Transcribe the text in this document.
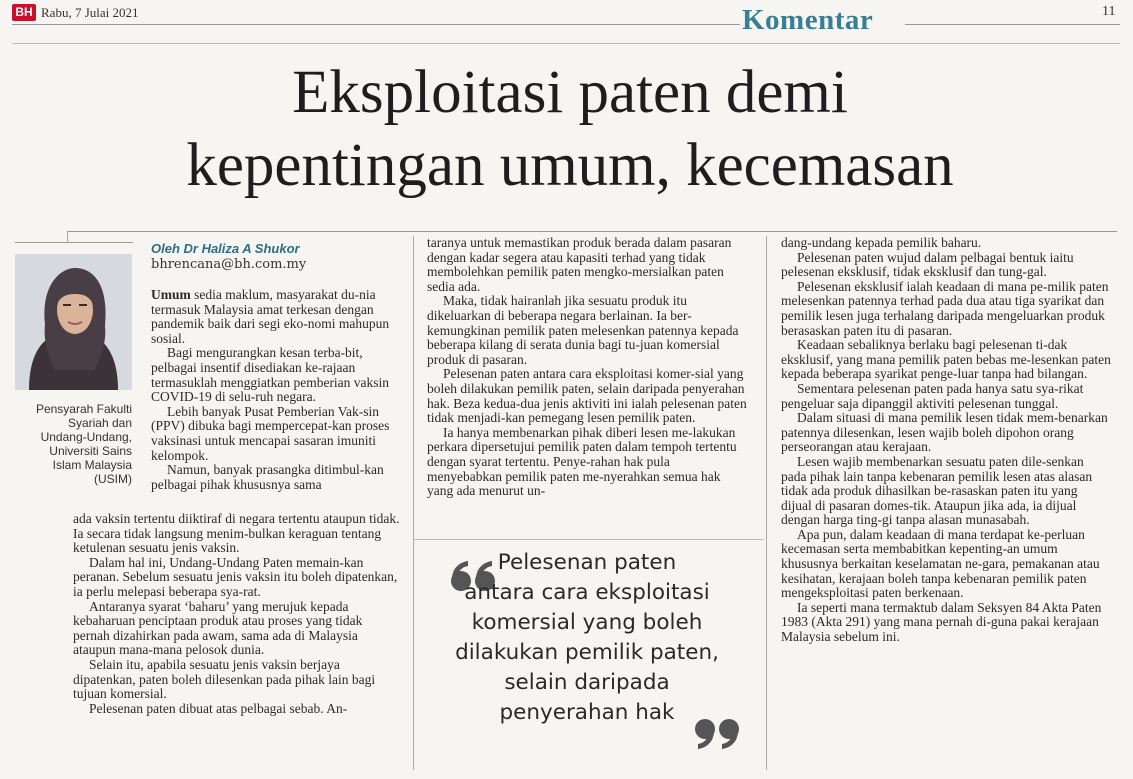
BH Rabu, 7 Julai 2021	Komentar	11
Eksploitasi paten demi
kepentingan umum, kecemasan
Oleh Dr Haliza A Shukor
bhrencana@bh.com.my
Pensyarah Fakulti
Syariah dan
Undang-Undang,
Universiti Sains
Islam Malaysia
(USIM)

Umum sedia maklum, masyarakat du-nia termasuk Malaysia amat terkesan dengan pandemik baik dari segi eko-nomi mahupun sosial.

Bagi mengurangkan kesan terba-bit, pelbagai insentif disediakan ke-rajaan termasuklah menggiatkan pemberian vaksin COVID-19 di selu-ruh negara.

Lebih banyak Pusat Pemberian Vak-sin (PPV) dibuka bagi mempercepat-kan proses vaksinasi untuk mencapai sasaran imuniti kelompok.

Namun, banyak prasangka ditimbul-kan pelbagai pihak khususnya sama

ada vaksin tertentu diiktiraf di negara tertentu ataupun tidak. Ia secara tidak langsung menim-bulkan keraguan tentang ketulenan sesuatu jenis vaksin.

Dalam hal ini, Undang-Undang Paten memain-kan peranan. Sebelum sesuatu jenis vaksin itu boleh dipatenkan, ia perlu melepasi beberapa sya-rat.

Antaranya syarat ‘baharu’ yang merujuk kepada kebaharuan penciptaan produk atau proses yang tidak pernah dizahirkan pada awam, sama ada di Malaysia ataupun mana-mana pelosok dunia.

Selain itu, apabila sesuatu jenis vaksin berjaya dipatenkan, paten boleh dilesenkan pada pihak lain bagi tujuan komersial.

Pelesenan paten dibuat atas pelbagai sebab. An-

taranya untuk memastikan produk berada dalam pasaran dengan kadar segera atau kapasiti terhad yang tidak membolehkan pemilik paten mengko-mersialkan paten sedia ada.

Maka, tidak hairanlah jika sesuatu produk itu dikeluarkan di beberapa negara berlainan. Ia ber-kemungkinan pemilik paten melesenkan patennya kepada beberapa kilang di serata dunia bagi tu-juan komersial produk di pasaran.

Pelesenan paten antara cara eksploitasi komer-sial yang boleh dilakukan pemilik paten, selain daripada penyerahan hak. Beza kedua-dua jenis aktiviti ini ialah pelesenan paten tidak menjadi-kan pemegang lesen pemilik paten.

Ia hanya membenarkan pihak diberi lesen me-lakukan perkara dipersetujui pemilik paten dalam tempoh tertentu dengan syarat tertentu. Penye-rahan hak pula menyebabkan pemilik paten me-nyerahkan semua hak yang ada menurut un-

Pelesenan paten
antara cara eksploitasi
komersial yang boleh
dilakukan pemilik paten,
selain daripada
penyerahan hak

dang-undang kepada pemilik baharu.

Pelesenan paten wujud dalam pelbagai bentuk iaitu pelesenan eksklusif, tidak eksklusif dan tung-gal.

Pelesenan eksklusif ialah keadaan di mana pe-milik paten melesenkan patennya terhad pada dua atau tiga syarikat dan pemilik lesen juga terhalang daripada mengeluarkan produk berasaskan paten itu di pasaran.

Keadaan sebaliknya berlaku bagi pelesenan ti-dak eksklusif, yang mana pemilik paten bebas me-lesenkan paten kepada beberapa syarikat penge-luar tanpa had bilangan.

Sementara pelesenan paten pada hanya satu sya-rikat pengeluar saja dipanggil aktiviti pelesenan tunggal.

Dalam situasi di mana pemilik lesen tidak mem-benarkan patennya dilesenkan, lesen wajib boleh dipohon orang perseorangan atau kerajaan.

Lesen wajib membenarkan sesuatu paten dile-senkan pada pihak lain tanpa kebenaran pemilik lesen atas alasan tidak ada produk dihasilkan be-rasaskan paten itu yang dijual di pasaran domes-tik. Ataupun jika ada, ia dijual dengan harga ting-gi tanpa alasan munasabah.

Apa pun, dalam keadaan di mana terdapat ke-perluan kecemasan serta membabitkan kepenting-an umum khususnya berkaitan keselamatan ne-gara, pemakanan atau kesihatan, kerajaan boleh tanpa kebenaran pemilik paten mengeksploitasi paten berkenaan.

Ia seperti mana termaktub dalam Seksyen 84 Akta Paten 1983 (Akta 291) yang mana pernah di-guna pakai kerajaan Malaysia sebelum ini.
